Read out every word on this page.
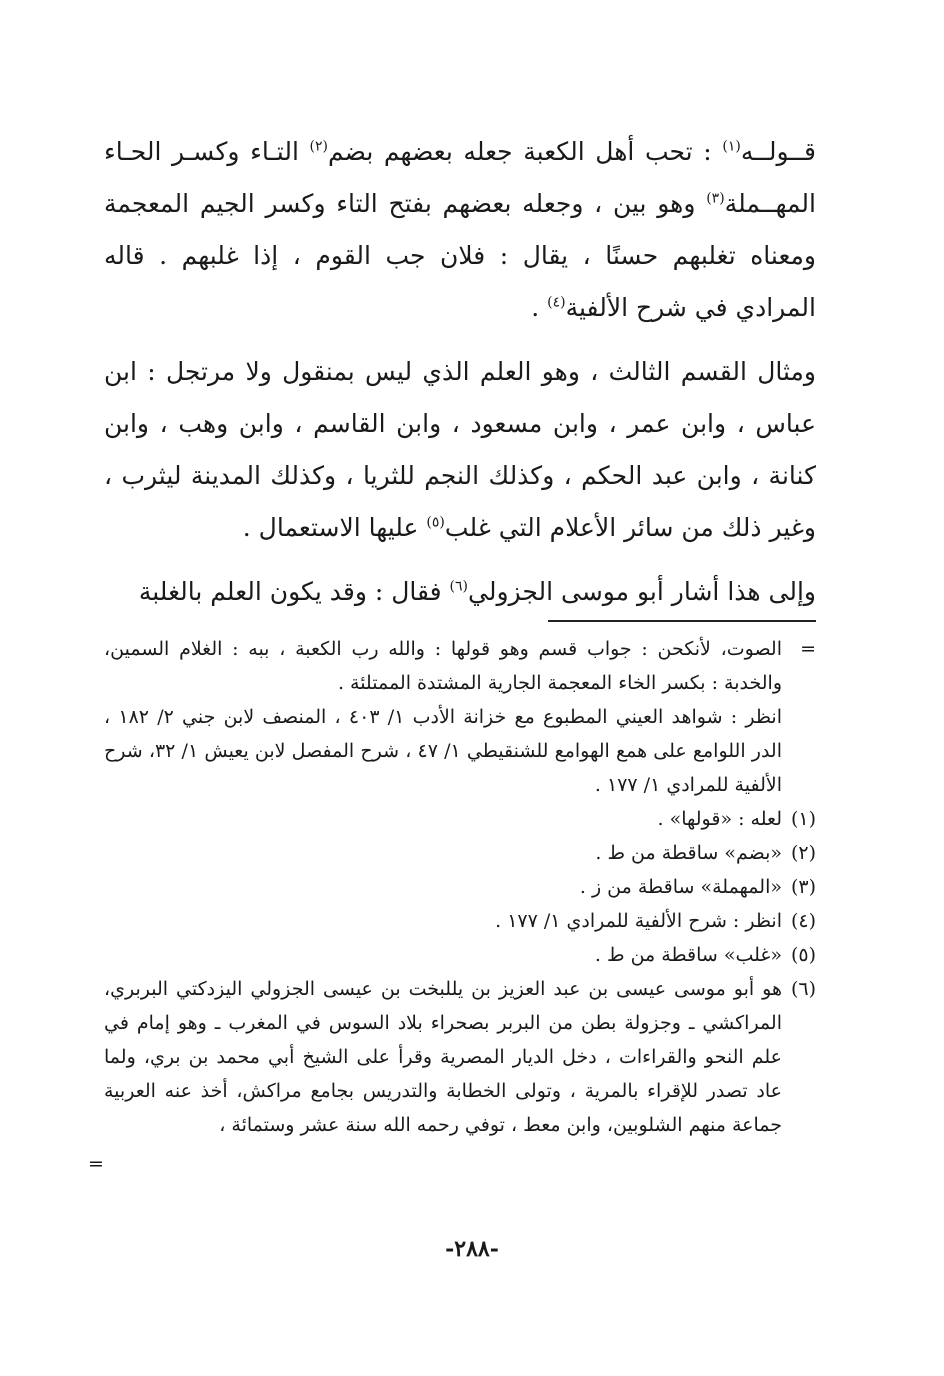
قــولــه$^{(١)}$ : تحب أهل الكعبة جعله بعضهم بضم$^{(٢)}$ التـاء وكسـر الحـاء المهــملة$^{(٣)}$ وهو بين ، وجعله بعضهم بفتح التاء وكسر الجيم المعجمة ومعناه تغلبهم حسنًا ، يقال : فلان جب القوم ، إذا غلبهم . قاله المرادي في شرح الألفية$^{(٤)}$ .

ومثال القسم الثالث ، وهو العلم الذي ليس بمنقول ولا مرتجل : ابن عباس ، وابن عمر ، وابن مسعود ، وابن القاسم ، وابن وهب ، وابن كنانة ، وابن عبد الحكم ، وكذلك النجم للثريا ، وكذلك المدينة ليثرب ، وغير ذلك من سائر الأعلام التي غلب$^{(٥)}$ عليها الاستعمال .

وإلى هذا أشار أبو موسى الجزولي$^{(٦)}$ فقال : وقد يكون العلم بالغلبة

=
الصوت، لأنكحن : جواب قسم وهو قولها : والله رب الكعبة ، ببه : الغلام السمين، والخدبة : بكسر الخاء المعجمة الجارية المشتدة الممتلئة .
انظر : شواهد العيني المطبوع مع خزانة الأدب ١/ ٤٠٣ ، المنصف لابن جني ٢/ ١٨٢ ، الدر اللوامع على همع الهوامع للشنقيطي ١/ ٤٧ ، شرح المفصل لابن يعيش ١/ ٣٢، شرح الألفية للمرادي ١/ ١٧٧ .
(١)
لعله : «قولها» .
(٢)
«بضم» ساقطة من ط .
(٣)
«المهملة» ساقطة من ز .
(٤)
انظر : شرح الألفية للمرادي ١/ ١٧٧ .
(٥)
«غلب» ساقطة من ط .
(٦)
هو أبو موسى عيسى بن عبد العزيز بن يللبخت بن عيسى الجزولي اليزدكتي البربري، المراكشي ـ وجزولة بطن من البربر بصحراء بلاد السوس في المغرب ـ وهو إمام في علم النحو والقراءات ، دخل الديار المصرية وقرأ على الشيخ أبي محمد بن بري، ولما عاد تصدر للإقراء بالمرية ، وتولى الخطابة والتدريس بجامع مراكش، أخذ عنه العربية جماعة منهم الشلوبين، وابن معط ، توفي رحمه الله سنة عشر وستمائة ،
=
-٢٨٨-
